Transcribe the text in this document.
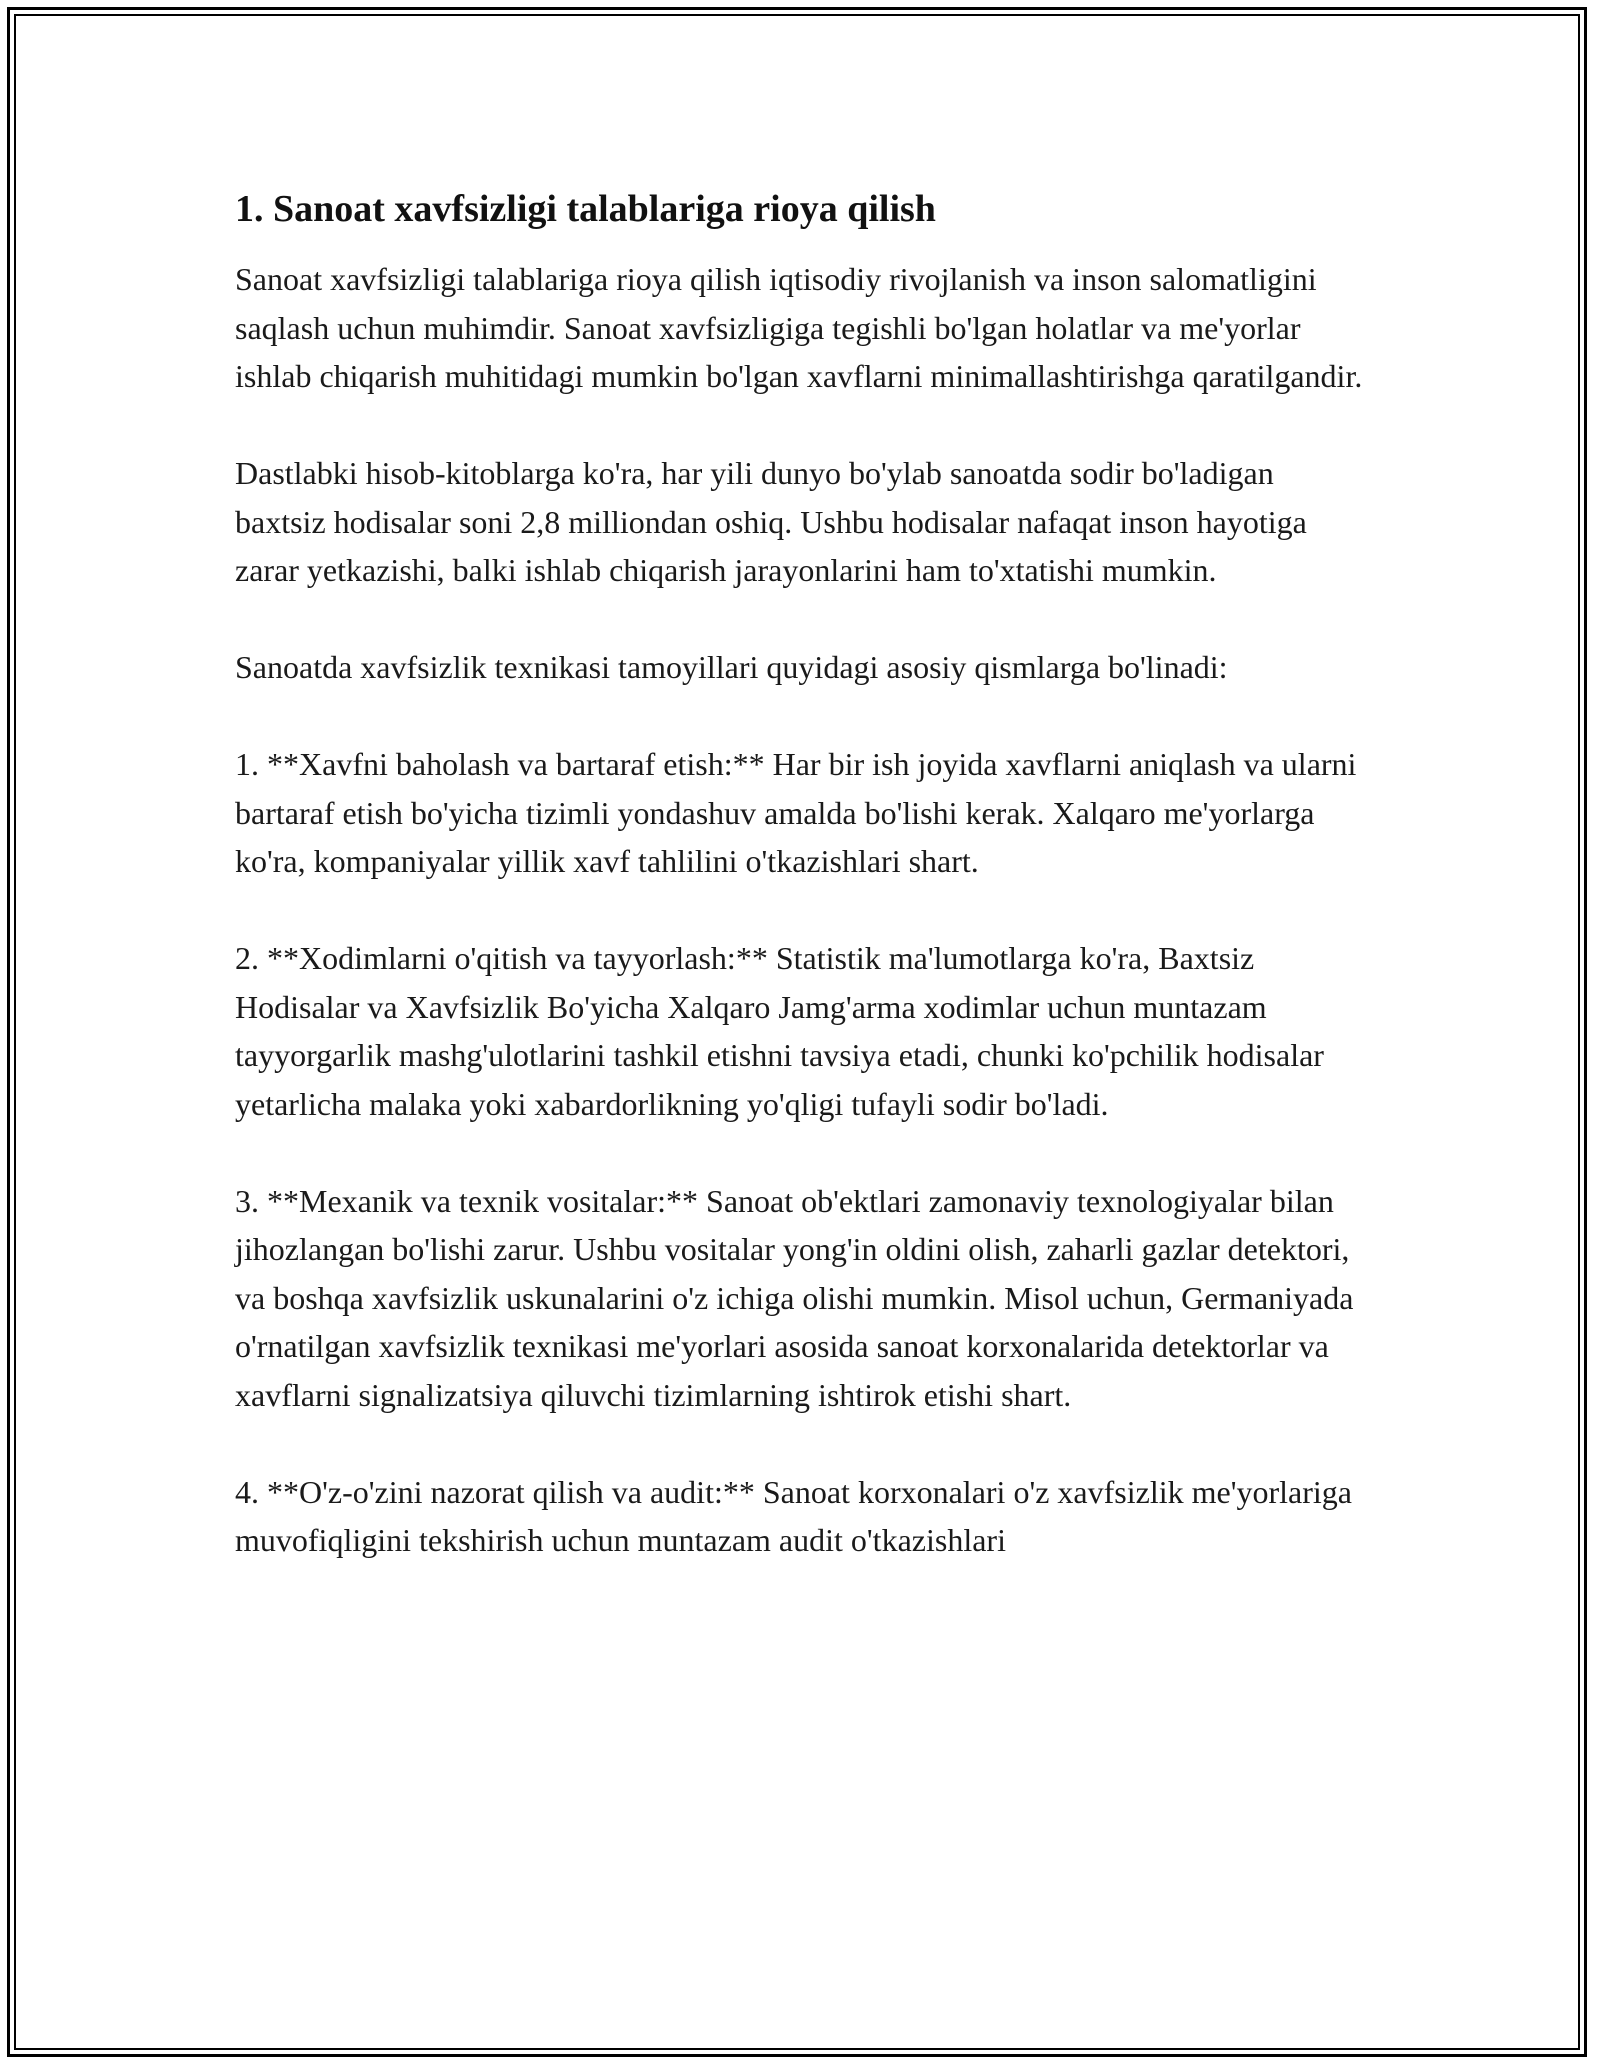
1. Sanoat xavfsizligi talablariga rioya qilish

Sanoat xavfsizligi talablariga rioya qilish iqtisodiy rivojlanish va inson salomatligini saqlash uchun muhimdir. Sanoat xavfsizligiga tegishli bo'lgan holatlar va me'yorlar ishlab chiqarish muhitidagi mumkin bo'lgan xavflarni minimallashtirishga qaratilgandir.

Dastlabki hisob-kitoblarga ko'ra, har yili dunyo bo'ylab sanoatda sodir bo'ladigan baxtsiz hodisalar soni 2,8 milliondan oshiq. Ushbu hodisalar nafaqat inson hayotiga zarar yetkazishi, balki ishlab chiqarish jarayonlarini ham to'xtatishi mumkin.

Sanoatda xavfsizlik texnikasi tamoyillari quyidagi asosiy qismlarga bo'linadi:

1. **Xavfni baholash va bartaraf etish:** Har bir ish joyida xavflarni aniqlash va ularni bartaraf etish bo'yicha tizimli yondashuv amalda bo'lishi kerak. Xalqaro me'yorlarga ko'ra, kompaniyalar yillik xavf tahlilini o'tkazishlari shart.

2. **Xodimlarni o'qitish va tayyorlash:** Statistik ma'lumotlarga ko'ra, Baxtsiz Hodisalar va Xavfsizlik Bo'yicha Xalqaro Jamg'arma xodimlar uchun muntazam tayyorgarlik mashg'ulotlarini tashkil etishni tavsiya etadi, chunki ko'pchilik hodisalar yetarlicha malaka yoki xabardorlikning yo'qligi tufayli sodir bo'ladi.

3. **Mexanik va texnik vositalar:** Sanoat ob'ektlari zamonaviy texnologiyalar bilan jihozlangan bo'lishi zarur. Ushbu vositalar yong'in oldini olish, zaharli gazlar detektori, va boshqa xavfsizlik uskunalarini o'z ichiga olishi mumkin. Misol uchun, Germaniyada o'rnatilgan xavfsizlik texnikasi me'yorlari asosida sanoat korxonalarida detektorlar va xavflarni signalizatsiya qiluvchi tizimlarning ishtirok etishi shart.

4. **O'z-o'zini nazorat qilish va audit:** Sanoat korxonalari o'z xavfsizlik me'yorlariga muvofiqligini tekshirish uchun muntazam audit o'tkazishlari
